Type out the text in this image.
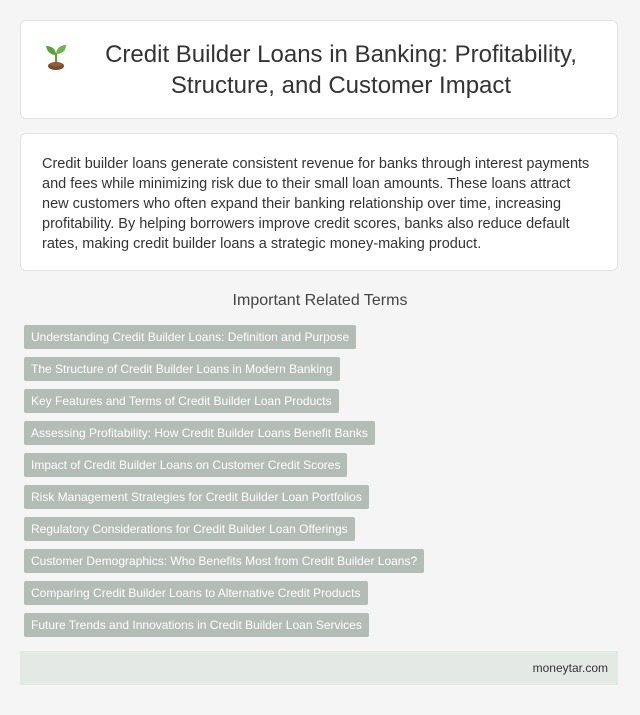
Credit Builder Loans in Banking: Profitability, Structure, and Customer Impact

Credit builder loans generate consistent revenue for banks through interest payments and fees while minimizing risk due to their small loan amounts. These loans attract new customers who often expand their banking relationship over time, increasing profitability. By helping borrowers improve credit scores, banks also reduce default rates, making credit builder loans a strategic money-making product.

Important Related Terms
Understanding Credit Builder Loans: Definition and Purpose
The Structure of Credit Builder Loans in Modern Banking
Key Features and Terms of Credit Builder Loan Products
Assessing Profitability: How Credit Builder Loans Benefit Banks
Impact of Credit Builder Loans on Customer Credit Scores
Risk Management Strategies for Credit Builder Loan Portfolios
Regulatory Considerations for Credit Builder Loan Offerings
Customer Demographics: Who Benefits Most from Credit Builder Loans?
Comparing Credit Builder Loans to Alternative Credit Products
Future Trends and Innovations in Credit Builder Loan Services
moneytar.com
